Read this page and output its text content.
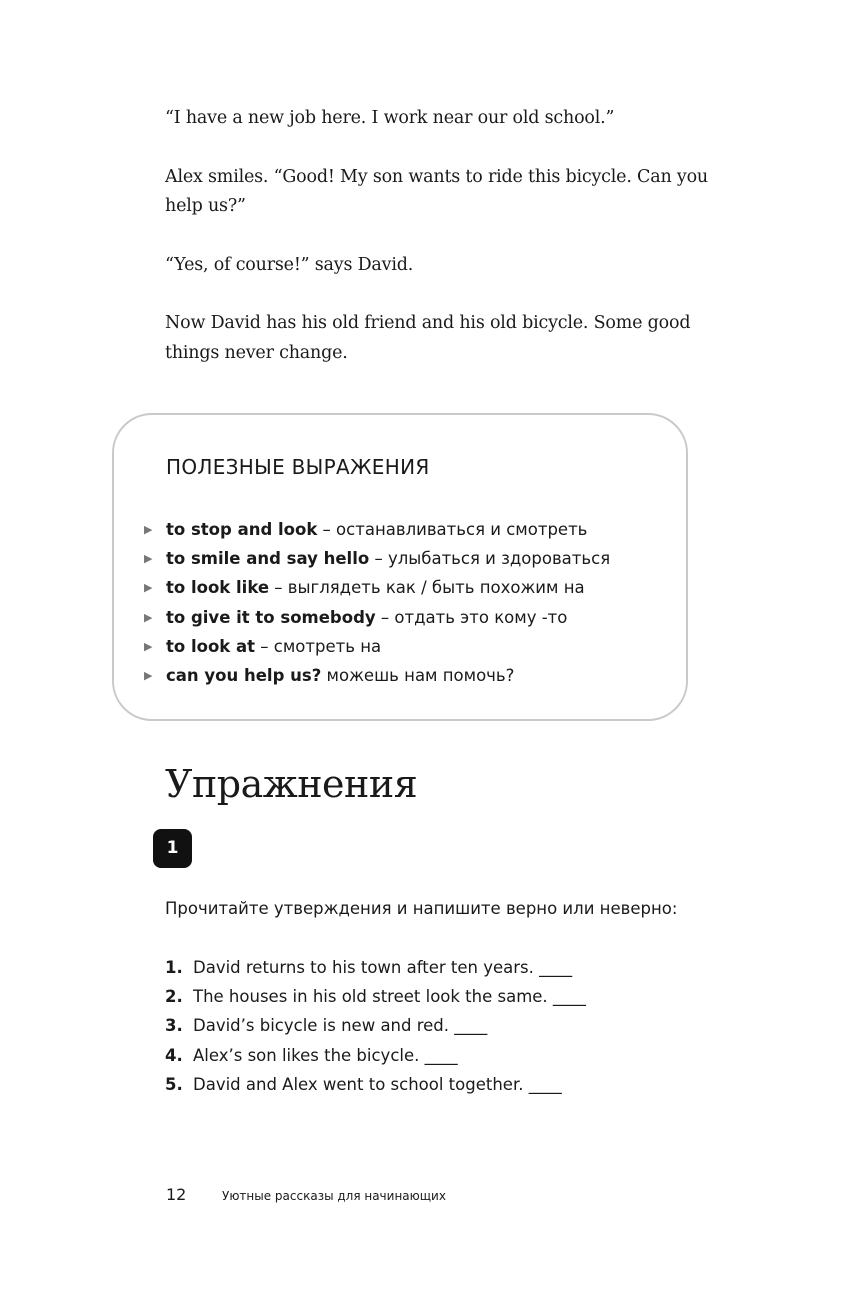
“I have a new job here. I work near our old school.”

Alex smiles. “Good! My son wants to ride this bicycle. Can you help us?”

“Yes, of course!” says David.

Now David has his old friend and his old bicycle. Some good things never change.

ПОЛЕЗНЫЕ ВЫРАЖЕНИЯ
▶ to stop and look – останавливаться и смотреть
▶ to smile and say hello – улыбаться и здороваться
▶ to look like – выглядеть как / быть похожим на
▶ to give it to somebody – отдать это кому -то
▶ to look at – смотреть на
▶ can you help us? можешь нам помочь?
Упражнения
1
Прочитайте утверждения и напишите верно или неверно:
1. David returns to his town after ten years. ____
2. The houses in his old street look the same. ____
3. David’s bicycle is new and red. ____
4. Alex’s son likes the bicycle. ____
5. David and Alex went to school together. ____
12	Уютные рассказы для начинающих
